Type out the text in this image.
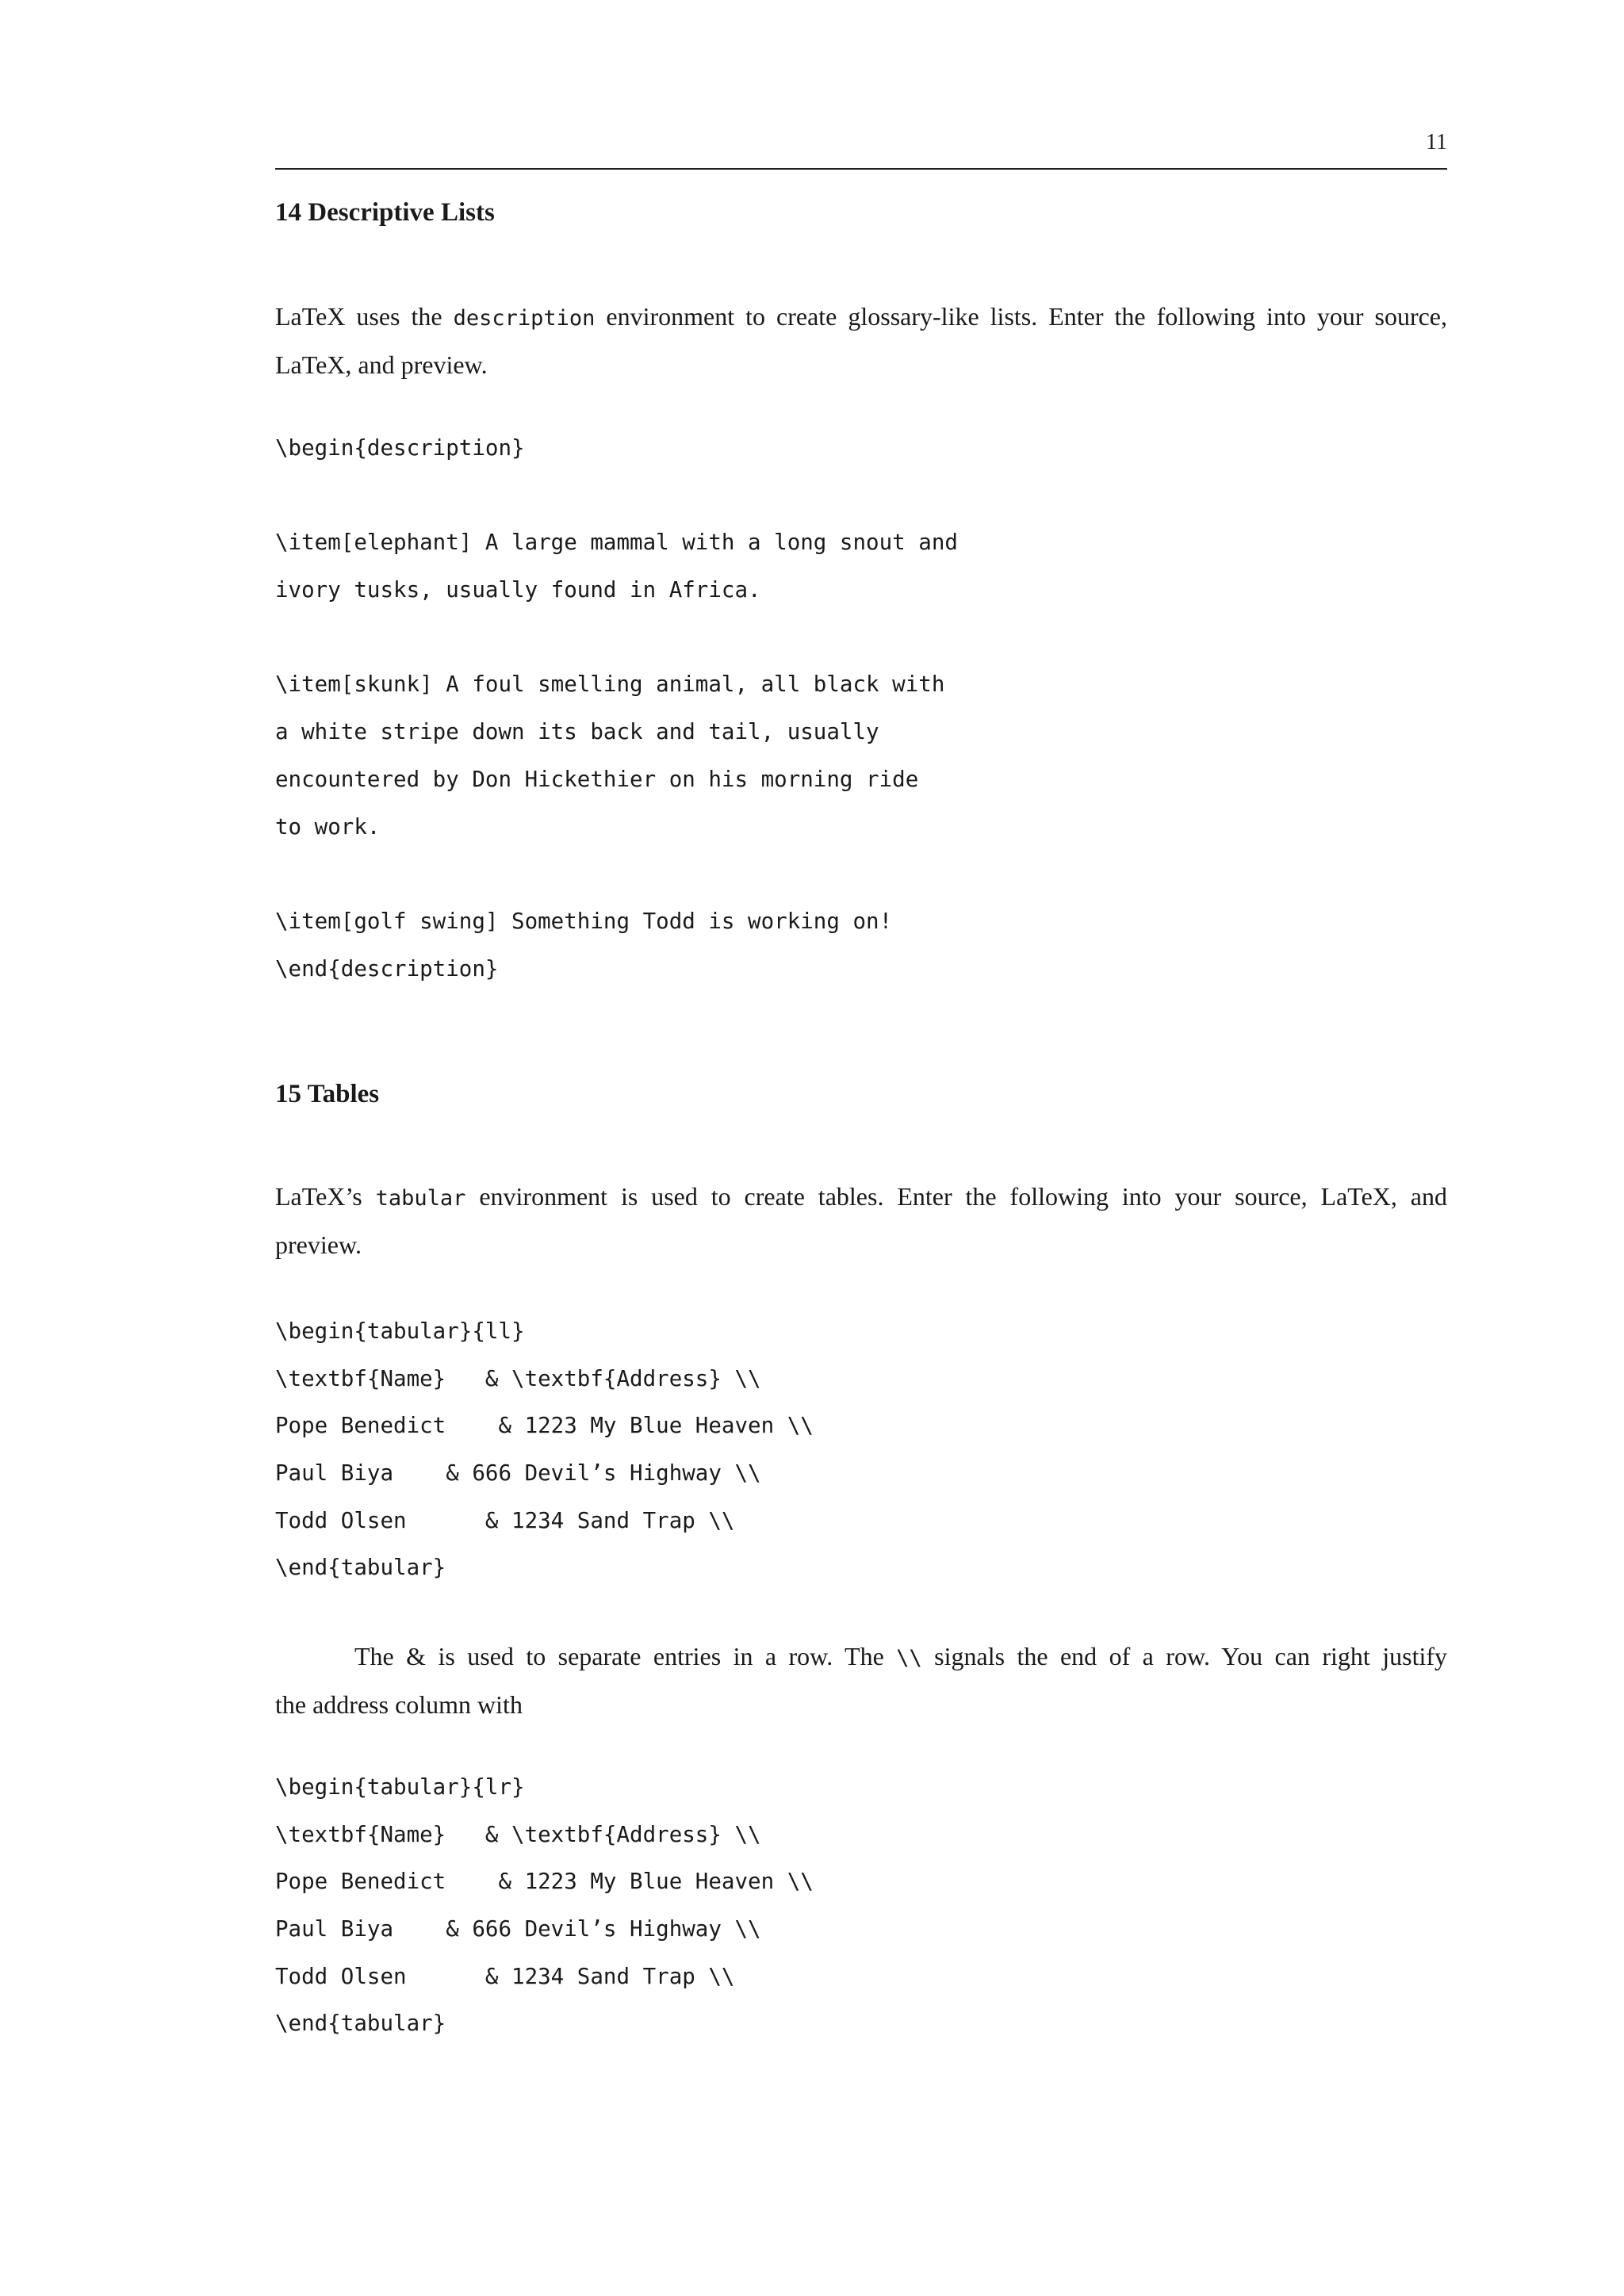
11
14 Descriptive Lists
LaTeX uses the description environment to create glossary-like lists. Enter the following into your source,
LaTeX, and preview.
\begin{description}

\item[elephant] A large mammal with a long snout and
ivory tusks, usually found in Africa.

\item[skunk] A foul smelling animal, all black with
a white stripe down its back and tail, usually
encountered by Don Hickethier on his morning ride
to work.

\item[golf swing] Something Todd is working on!
\end{description}
15 Tables
LaTeX’s tabular environment is used to create tables. Enter the following into your source, LaTeX, and
preview.
\begin{tabular}{ll}
\textbf{Name}   & \textbf{Address} \\
Pope Benedict    & 1223 My Blue Heaven \\
Paul Biya    & 666 Devil’s Highway \\
Todd Olsen      & 1234 Sand Trap \\
\end{tabular}
The & is used to separate entries in a row. The \\ signals the end of a row. You can right justify
the address column with
\begin{tabular}{lr}
\textbf{Name}   & \textbf{Address} \\
Pope Benedict    & 1223 My Blue Heaven \\
Paul Biya    & 666 Devil’s Highway \\
Todd Olsen      & 1234 Sand Trap \\
\end{tabular}
